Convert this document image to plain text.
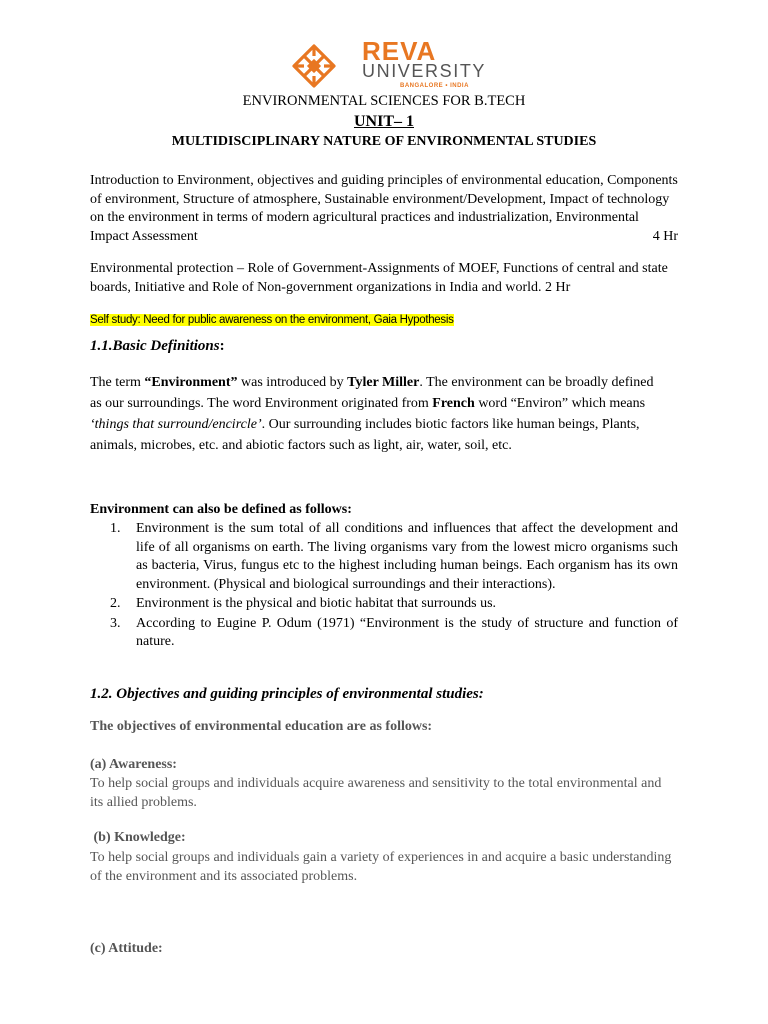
REVA
UNIVERSITY
BANGALORE • INDIA
ENVIRONMENTAL SCIENCES FOR B.TECH
UNIT– 1
MULTIDISCIPLINARY NATURE OF ENVIRONMENTAL STUDIES
Introduction to Environment, objectives and guiding principles of environmental education, Components of environment, Structure of atmosphere, Sustainable environment/Development, Impact of technology on the environment in terms of modern agricultural practices and industrialization, Environmental Impact Assessment	4 Hr
Environmental protection – Role of Government-Assignments of MOEF, Functions of central and state boards, Initiative and Role of Non-government organizations in India and world. 2 Hr
Self study: Need for public awareness on the environment, Gaia Hypothesis
1.1.Basic Definitions:
The term “Environment” was introduced by Tyler Miller. The environment can be broadly defined as our surroundings. The word Environment originated from French word “Environ” which means ‘things that surround/encircle’. Our surrounding includes biotic factors like human beings, Plants, animals, microbes, etc. and abiotic factors such as light, air, water, soil, etc.
Environment can also be defined as follows:
1. Environment is the sum total of all conditions and influences that affect the development and life of all organisms on earth. The living organisms vary from the lowest micro organisms such as bacteria, Virus, fungus etc to the highest including human beings. Each organism has its own environment. (Physical and biological surroundings and their interactions).
2. Environment is the physical and biotic habitat that surrounds us.
3. According to Eugine P. Odum (1971) “Environment is the study of structure and function of nature.
1.2. Objectives and guiding principles of environmental studies:
The objectives of environmental education are as follows:
(a) Awareness:
To help social groups and individuals acquire awareness and sensitivity to the total environmental and its allied problems.
(b) Knowledge:
To help social groups and individuals gain a variety of experiences in and acquire a basic understanding of the environment and its associated problems.
(c) Attitude:
